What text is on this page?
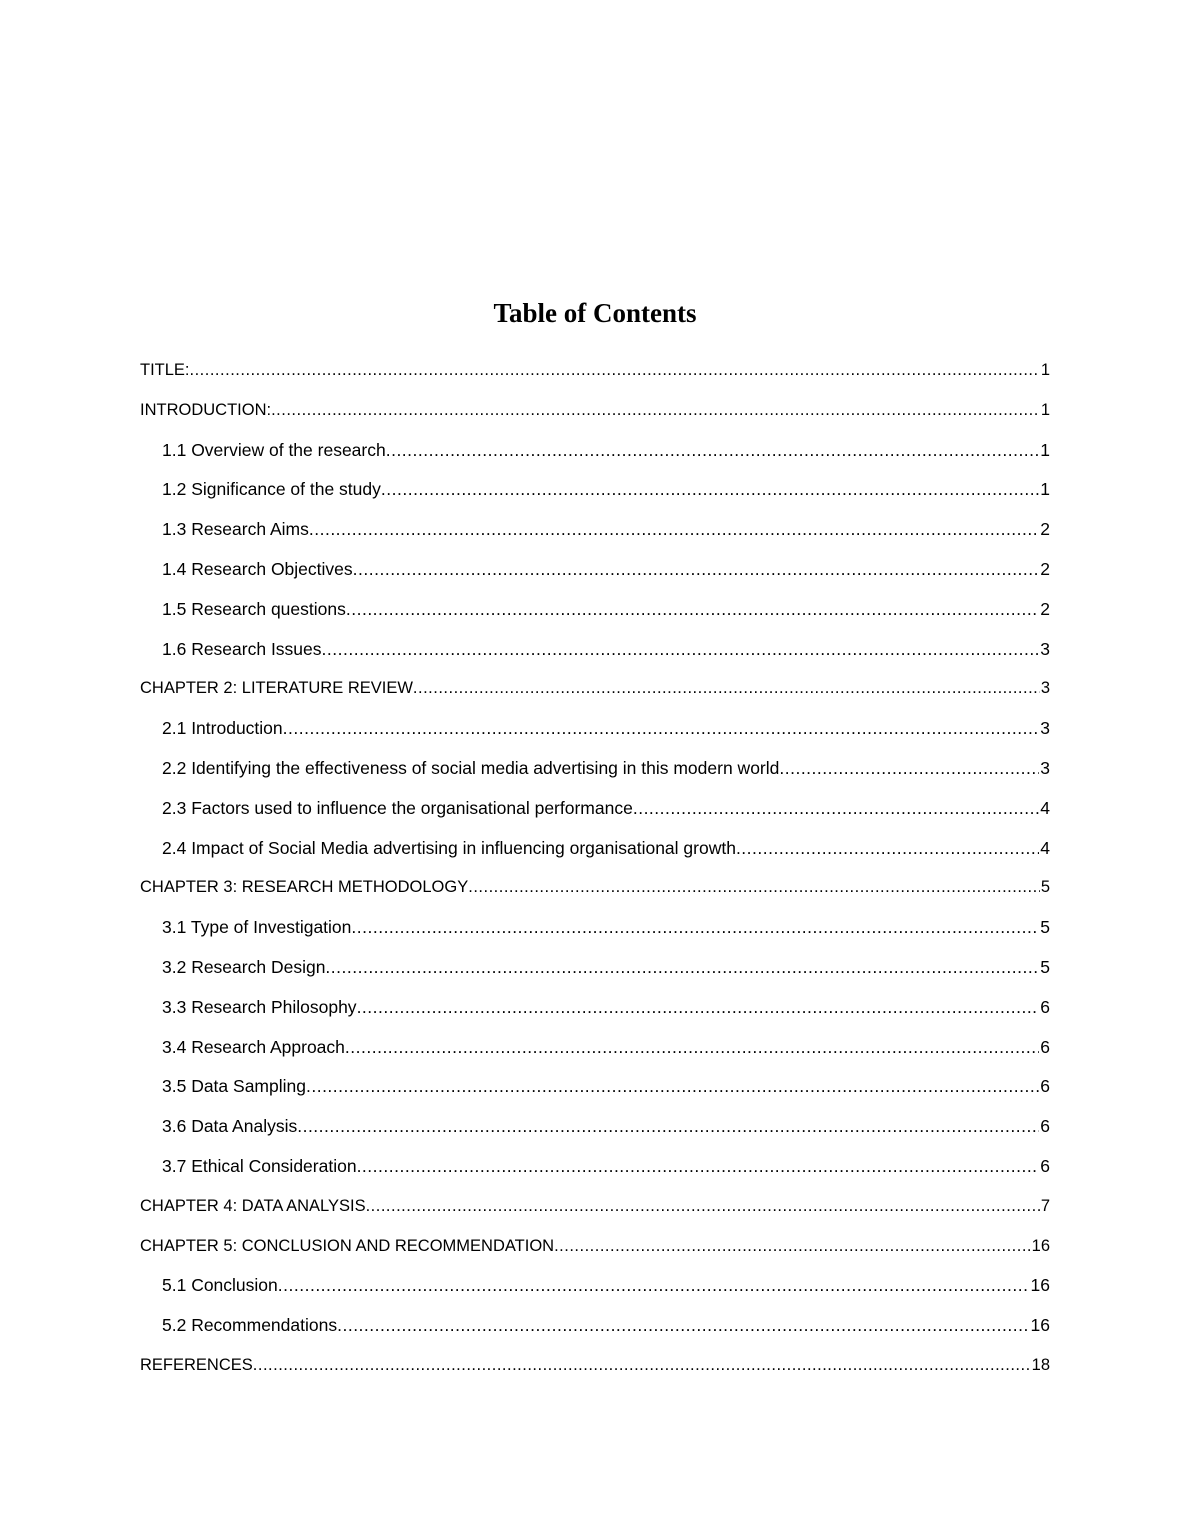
Table of Contents
TITLE: .....	1
INTRODUCTION: .....	1
1.1 Overview of the research .....	1
1.2 Significance of the study .....	1
1.3 Research Aims .....	2
1.4 Research Objectives .....	2
1.5 Research questions .....	2
1.6 Research Issues .....	3
CHAPTER 2: LITERATURE REVIEW .....	3
2.1 Introduction .....	3
2.2 Identifying the effectiveness of social media advertising in this modern world .....	3
2.3 Factors used to influence the organisational performance .....	4
2.4 Impact of Social Media advertising in influencing organisational growth .....	4
CHAPTER 3: RESEARCH METHODOLOGY .....	5
3.1 Type of Investigation .....	5
3.2 Research Design .....	5
3.3 Research Philosophy .....	6
3.4 Research Approach .....	6
3.5 Data Sampling .....	6
3.6 Data Analysis .....	6
3.7 Ethical Consideration .....	6
CHAPTER 4: DATA ANALYSIS .....	7
CHAPTER 5: CONCLUSION AND RECOMMENDATION .....	16
5.1 Conclusion .....	16
5.2 Recommendations .....	16
REFERENCES .....	18
